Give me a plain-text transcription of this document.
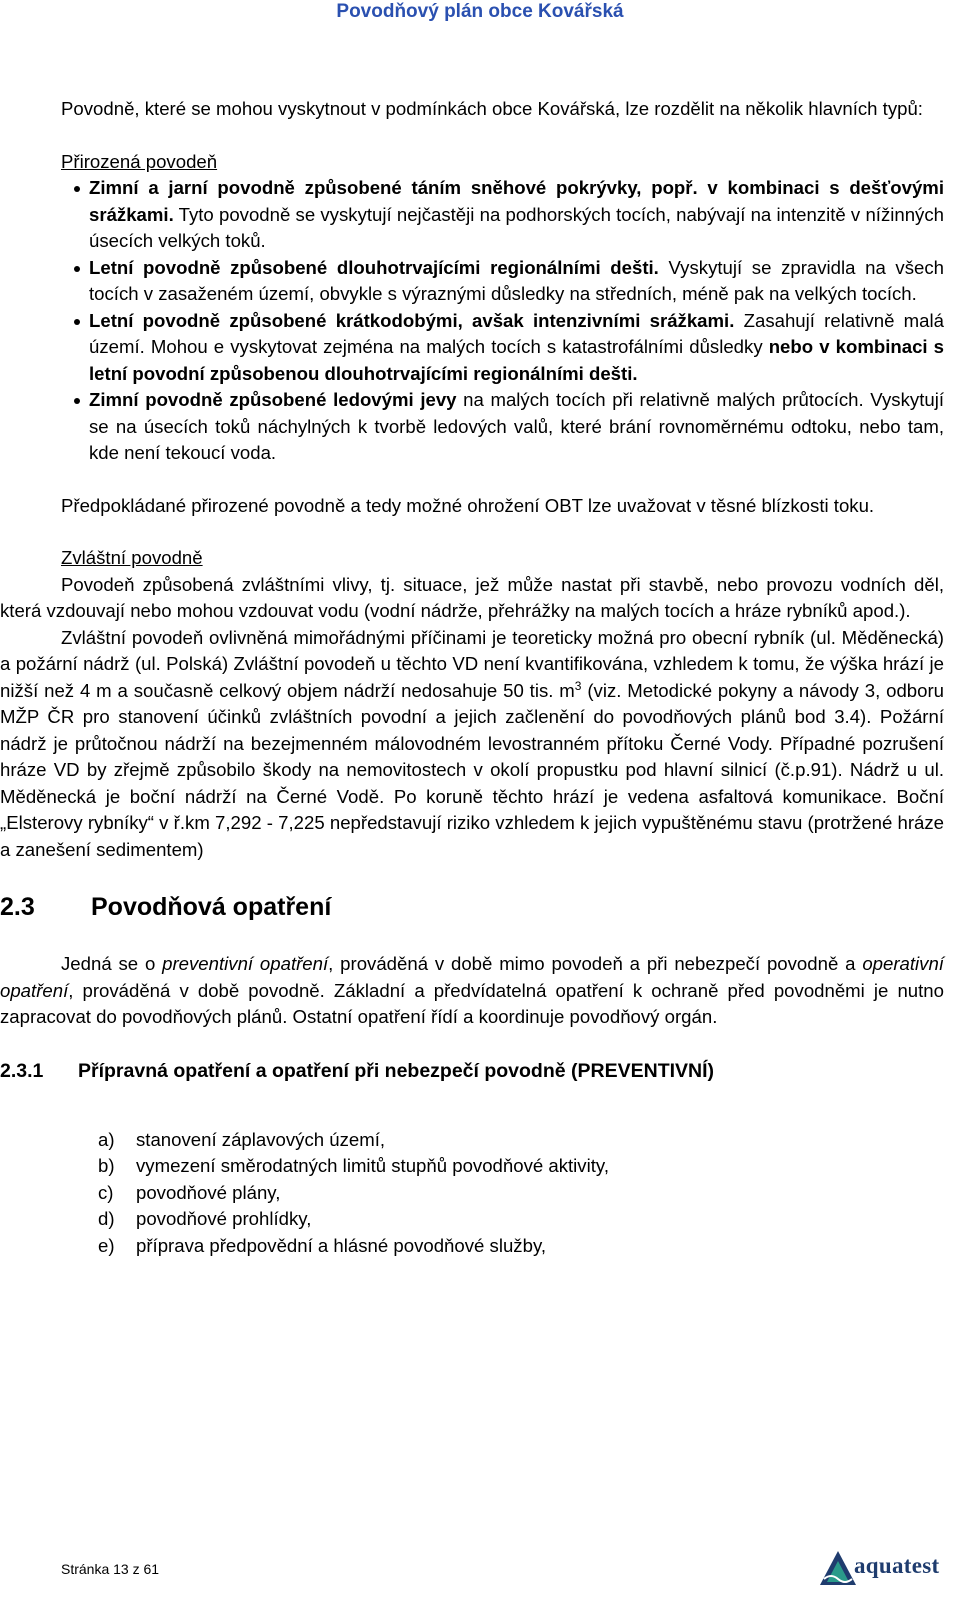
Povodňový plán obce Kovářská

Povodně, které se mohou vyskytnout v podmínkách obce Kovářská, lze rozdělit na několik hlavních typů:

Přirozená povodeň

Zimní a jarní povodně způsobené táním sněhové pokrývky, popř. v kombinaci s dešťovými srážkami. Tyto povodně se vyskytují nejčastěji na podhorských tocích, nabývají na intenzitě v nížinných úsecích velkých toků.
Letní povodně způsobené dlouhotrvajícími regionálními dešti. Vyskytují se zpravidla na všech tocích v zasaženém území, obvykle s výraznými důsledky na středních, méně pak na velkých tocích.
Letní povodně způsobené krátkodobými, avšak intenzivními srážkami. Zasahují relativně malá území. Mohou e vyskytovat zejména na malých tocích s katastrofálními důsledky nebo v kombinaci s letní povodní způsobenou dlouhotrvajícími regionálními dešti.
Zimní povodně způsobené ledovými jevy na malých tocích při relativně malých průtocích. Vyskytují se na úsecích toků náchylných k tvorbě ledových valů, které brání rovnoměrnému odtoku, nebo tam, kde není tekoucí voda.

Předpokládané přirozené povodně a tedy možné ohrožení OBT lze uvažovat v těsné blízkosti toku.

Zvláštní povodně

Povodeň způsobená zvláštními vlivy, tj. situace, jež může nastat při stavbě, nebo provozu vodních děl, která vzdouvají nebo mohou vzdouvat vodu (vodní nádrže, přehrážky na malých tocích a hráze rybníků apod.).

Zvláštní povodeň ovlivněná mimořádnými příčinami je teoreticky možná pro obecní rybník (ul. Měděnecká) a požární nádrž (ul. Polská) Zvláštní povodeň u těchto VD není kvantifikována, vzhledem k tomu, že výška hrází je nižší než 4 m a současně celkový objem nádrží nedosahuje 50 tis. $m^3$ (viz. Metodické pokyny a návody 3, odboru MŽP ČR pro stanovení účinků zvláštních povodní a jejich začlenění do povodňových plánů bod 3.4). Požární nádrž je průtočnou nádrží na bezejmenném málovodném levostranném přítoku Černé Vody. Případné pozrušení hráze VD by zřejmě způsobilo škody na nemovitostech v okolí propustku pod hlavní silnicí (č.p.91). Nádrž u ul. Měděnecká je boční nádrží na Černé Vodě. Po koruně těchto hrází je vedena asfaltová komunikace. Boční „Elsterovy rybníky“ v ř.km 7,292 - 7,225 nepředstavují riziko vzhledem k jejich vypuštěnému stavu (protržené hráze a zanešení sedimentem)

2.3 Povodňová opatření

Jedná se o preventivní opatření, prováděná v době mimo povodeň a při nebezpečí povodně a operativní opatření, prováděná v době povodně. Základní a předvídatelná opatření k ochraně před povodněmi je nutno zapracovat do povodňových plánů. Ostatní opatření řídí a koordinuje povodňový orgán.

2.3.1 Přípravná opatření a opatření při nebezpečí povodně (PREVENTIVNÍ)
a) stanovení záplavových území,
b) vymezení směrodatných limitů stupňů povodňové aktivity,
c) povodňové plány,
d) povodňové prohlídky,
e) příprava předpovědní a hlásné povodňové služby,
Stránka 13 z 61	aquatest
